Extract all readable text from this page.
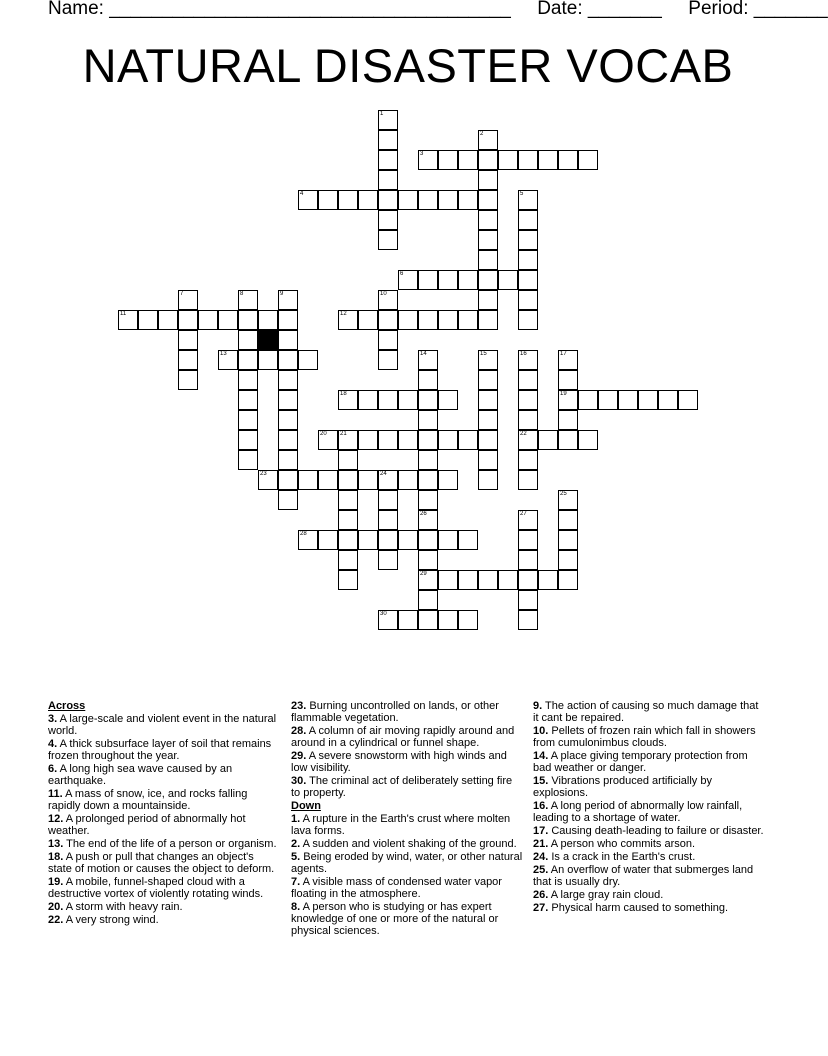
Name: ______________________________________ Date: _______ Period: _______
NATURAL DISASTER VOCAB
1
2
3
4	5
6
7	8	9	10
11	12
13	14
26
15	16
22
17
19
18
20 21
23	24
25
29
27
28
30
Across
3. A large-scale and violent event in the natural world.
4. A thick subsurface layer of soil that remains frozen throughout the year.
6. A long high sea wave caused by an earthquake.
11. A mass of snow, ice, and rocks falling rapidly down a mountainside.
12. A prolonged period of abnormally hot weather.
13. The end of the life of a person or organism.
18. A push or pull that changes an object's state of motion or causes the object to deform.
19. A mobile, funnel-shaped cloud with a destructive vortex of violently rotating winds.
20. A storm with heavy rain.
22. A very strong wind.
23. Burning uncontrolled on lands, or other flammable vegetation.
28. A column of air moving rapidly around and around in a cylindrical or funnel shape.
29. A severe snowstorm with high winds and low visibility.
30. The criminal act of deliberately setting fire to property.
Down
1. A rupture in the Earth's crust where molten lava forms.
2. A sudden and violent shaking of the ground.
5. Being eroded by wind, water, or other natural agents.
7. A visible mass of condensed water vapor floating in the atmosphere.
8. A person who is studying or has expert knowledge of one or more of the natural or physical sciences.
9. The action of causing so much damage that it cant be repaired.
10. Pellets of frozen rain which fall in showers from cumulonimbus clouds.
14. A place giving temporary protection from bad weather or danger.
15. Vibrations produced artificially by explosions.
16. A long period of abnormally low rainfall, leading to a shortage of water.
17. Causing death-leading to failure or disaster.
21. A person who commits arson.
24. Is a crack in the Earth's crust.
25. An overflow of water that submerges land that is usually dry.
26. A large gray rain cloud.
27. Physical harm caused to something.
